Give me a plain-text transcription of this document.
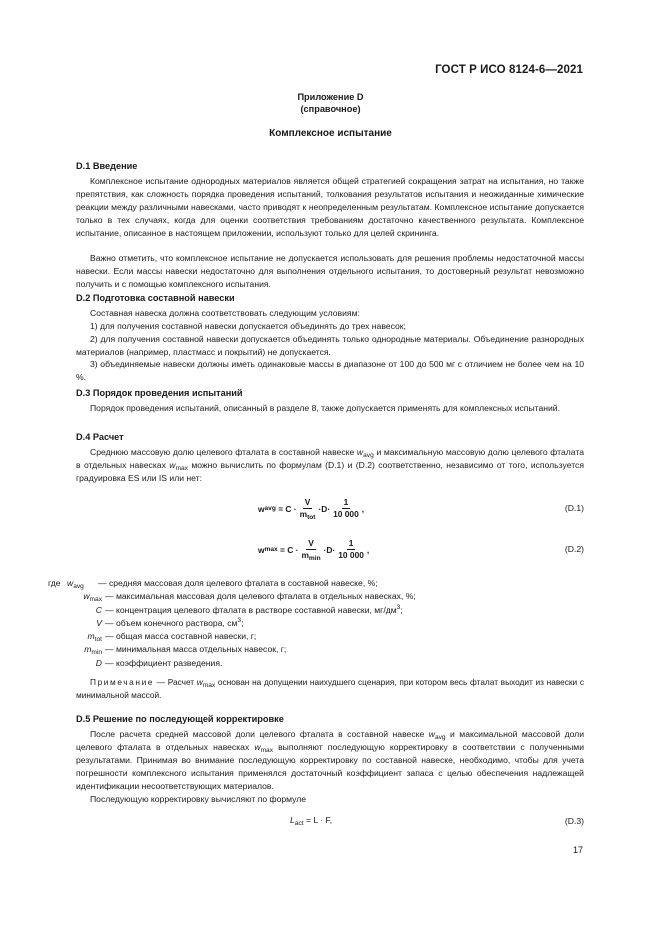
ГОСТ Р ИСО 8124-6—2021
Приложение D
(справочное)
Комплексное испытание
D.1 Введение
Комплексное испытание однородных материалов является общей стратегией сокращения затрат на испытания, но также препятствия, как сложность порядка проведения испытаний, толкования результатов испытания и неожиданные химические реакции между различными навесками, часто приводят к неопределенным результатам. Комплексное испытание допускается только в тех случаях, когда для оценки соответствия требованиям достаточно качественного результата. Комплексное испытание, описанное в настоящем приложении, используют только для целей скрининга.
Важно отметить, что комплексное испытание не допускается использовать для решения проблемы недостаточной массы навески. Если массы навески недостаточно для выполнения отдельного испытания, то достоверный результат невозможно получить и с помощью комплексного испытания.
D.2 Подготовка составной навески
Составная навеска должна соответствовать следующим условиям:
1) для получения составной навески допускается объединять до трех навесок;
2) для получения составной навески допускается объединять только однородные материалы. Объединение разнородных материалов (например, пластмасс и покрытий) не допускается.
3) объединяемые навески должны иметь одинаковые массы в диапазоне от 100 до 500 мг с отличием не более чем на 10 %.
D.3 Порядок проведения испытаний
Порядок проведения испытаний, описанный в разделе 8, также допускается применять для комплексных испытаний.
D.4 Расчет
Среднюю массовую долю целевого фталата в составной навеске $w_{avg}$ и максимальную массовую долю целевого фталата в отдельных навесках $w_{max}$ можно вычислить по формулам (D.1) и (D.2) соответственно, независимо от того, используется градуировка ES или IS или нет:
w avg = $C \cdot \frac{V}{m_{tot}} \cdot D\cdot \frac{1}{10 000}$ ,	(D.1)
w $\max = C \cdot \frac{V}{m_{min}} \cdot D\cdot \frac{1}{10 000}$ ,	(D.2)
где $w_{avg}$	— средняя массовая доля целевого фталата в составной навеске, %;
$w_{max}$ — максимальная массовая доля целевого фталата в отдельных навесках, %;
C — концентрация целевого фталата в растворе составной навески, $мг/дм^3$;
V — объем конечного раствора, $см^3$;
$m_{tot}$ — общая масса составной навески, г;
$m_{min}$ — минимальная масса отдельных навесок, г;
D — коэффициент разведения.
Примечание — Расчет $w_{max}$ основан на допущении наихудшего сценария, при котором весь фталат выходит из навески с минимальной массой.
D.5 Решение по последующей корректировке
После расчета средней массовой доли целевого фталата в составной навеске $w_{avg}$ и максимальной массовой доли целевого фталата в отдельных навесках $w_{max}$ выполняют последующую корректировку в соответствии с полученными результатами. Принимая во внимание последующую корректировку по составной навеске, необходимо, чтобы для учета погрешности комплексного испытания применялся достаточный коэффициент запаса с целью обеспечения надлежащей идентификации несоответствующих материалов.
Последующую корректировку вычисляют по формуле
$L_{act} = L \cdot F$,	(D.3)
17
